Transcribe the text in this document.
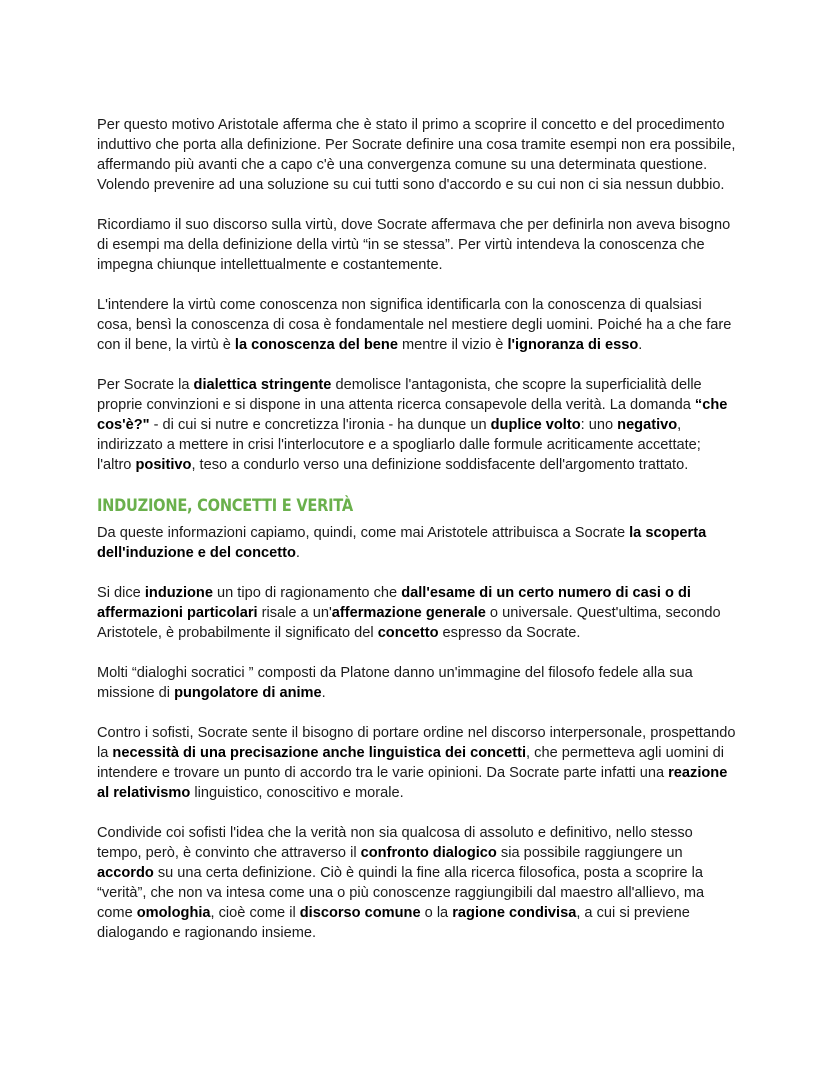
Per questo motivo Aristotale afferma che è stato il primo a scoprire il concetto e del procedimento induttivo che porta alla definizione. Per Socrate definire una cosa tramite esempi non era possibile, affermando più avanti che a capo c'è una convergenza comune su una determinata questione. Volendo prevenire ad una soluzione su cui tutti sono d'accordo e su cui non ci sia nessun dubbio.

Ricordiamo il suo discorso sulla virtù, dove Socrate affermava che per definirla non aveva bisogno di esempi ma della definizione della virtù “in se stessa”. Per virtù intendeva la conoscenza che impegna chiunque intellettualmente e costantemente.

L'intendere la virtù come conoscenza non significa identificarla con la conoscenza di qualsiasi cosa, bensì la conoscenza di cosa è fondamentale nel mestiere degli uomini. Poiché ha a che fare con il bene, la virtù è la conoscenza del bene mentre il vizio è l'ignoranza di esso.

Per Socrate la dialettica stringente demolisce l'antagonista, che scopre la superficialità delle proprie convinzioni e si dispone in una attenta ricerca consapevole della verità. La domanda “che cos'è?" - di cui si nutre e concretizza l'ironia - ha dunque un duplice volto: uno negativo, indirizzato a mettere in crisi l'interlocutore e a spogliarlo dalle formule acriticamente accettate; l'altro positivo, teso a condurlo verso una definizione soddisfacente dell'argomento trattato.

INDUZIONE, CONCETTI E VERITÀ

Da queste informazioni capiamo, quindi, come mai Aristotele attribuisca a Socrate la scoperta dell'induzione e del concetto.

Si dice induzione un tipo di ragionamento che dall'esame di un certo numero di casi o di affermazioni particolari risale a un'affermazione generale o universale. Quest'ultima, secondo Aristotele, è probabilmente il significato del concetto espresso da Socrate.

Molti “dialoghi socratici ” composti da Platone danno un'immagine del filosofo fedele alla sua missione di pungolatore di anime.

Contro i sofisti, Socrate sente il bisogno di portare ordine nel discorso interpersonale, prospettando la necessità di una precisazione anche linguistica dei concetti, che permetteva agli uomini di intendere e trovare un punto di accordo tra le varie opinioni. Da Socrate parte infatti una reazione al relativismo linguistico, conoscitivo e morale.

Condivide coi sofisti l'idea che la verità non sia qualcosa di assoluto e definitivo, nello stesso tempo, però, è convinto che attraverso il confronto dialogico sia possibile raggiungere un accordo su una certa definizione. Ciò è quindi la fine alla ricerca filosofica, posta a scoprire la “verità”, che non va intesa come una o più conoscenze raggiungibili dal maestro all'allievo, ma come omologhia, cioè come il discorso comune o la ragione condivisa, a cui si previene dialogando e ragionando insieme.
